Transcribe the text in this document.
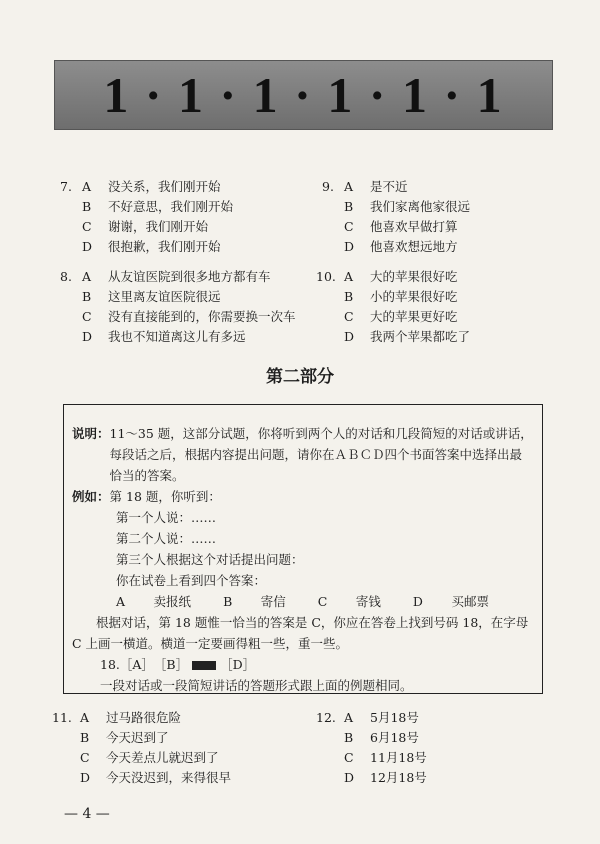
1 · 1 · 1 · 1 · 1 · 1
7. A	没关系，我们刚开始
B	不好意思，我们刚开始
C	谢谢，我们刚开始
D	很抱歉，我们刚开始
9. A	是不近
B	我们家离他家很远
C	他喜欢早做打算
D	他喜欢想远地方
8. A	从友谊医院到很多地方都有车
B	这里离友谊医院很远
C	没有直接能到的，你需要换一次车
D	我也不知道离这儿有多远
10. A	大的苹果很好吃
B	小的苹果很好吃
C	大的苹果更好吃
D	我两个苹果都吃了
第二部分
说明： 11～35 题，这部分试题，你将听到两个人的对话和几段简短的对话或讲话，每段话之后，根据内容提出问题，请你在ＡＢＣＤ四个书面答案中选择出最恰当的答案。
例如： 第 18 题，你听到：
第一个人说：……
第二个人说：……
第三个人根据这个对话提出问题：
你在试卷上看到四个答案：
A　 卖报纸	B　 寄信	C　 寄钱	D　 买邮票
根据对话，第 18 题惟一恰当的答案是 C，你应在答卷上找到号码 18，在字母 C 上画一横道。横道一定要画得粗一些，重一些。
18.［A］　［B］	［D］
一段对话或一段简短讲话的答题形式跟上面的例题相同。
11. A	过马路很危险
B	今天迟到了
C	今天差点儿就迟到了
D	今天没迟到，来得很早
12. A	5月18号
B	6月18号
C	11月18号
D	12月18号
— 4 —
